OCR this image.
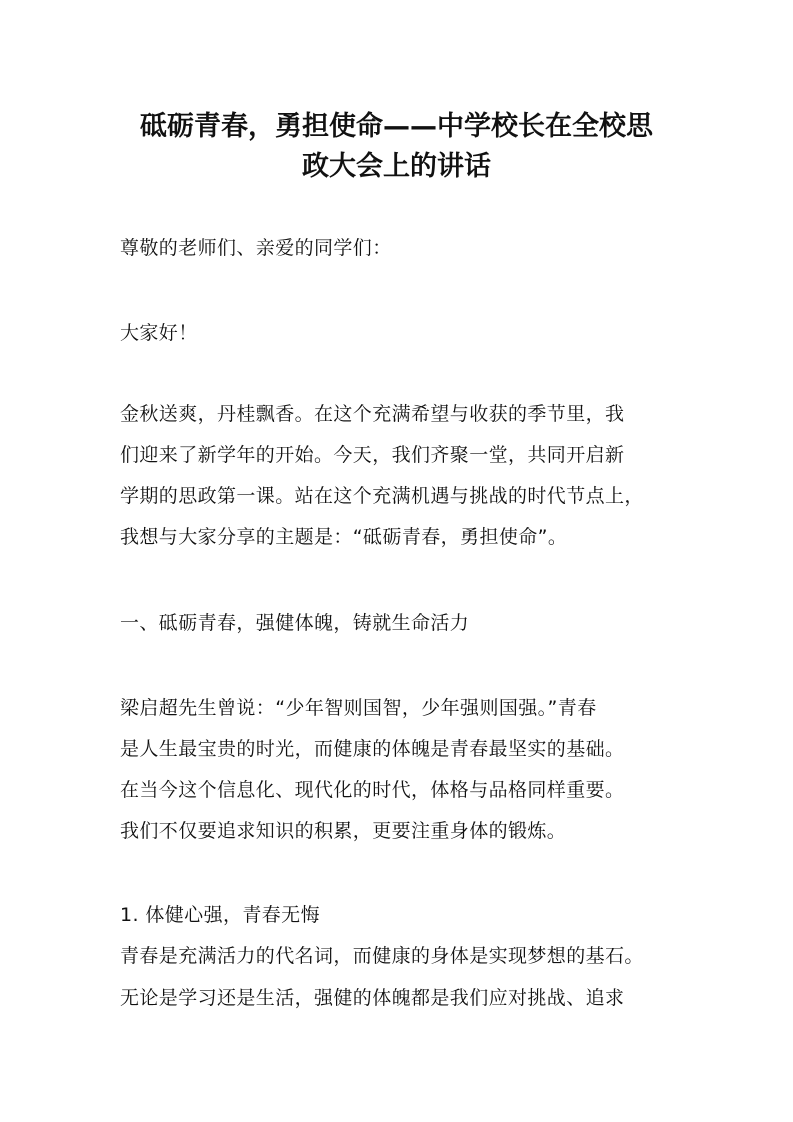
砥砺青春，勇担使命——中学校长在全校思
政大会上的讲话
尊敬的老师们、亲爱的同学们：
大家好！
金秋送爽，丹桂飘香。在这个充满希望与收获的季节里，我
们迎来了新学年的开始。今天，我们齐聚一堂，共同开启新
学期的思政第一课。站在这个充满机遇与挑战的时代节点上，
我想与大家分享的主题是：“砥砺青春，勇担使命”。
一、砥砺青春，强健体魄，铸就生命活力
梁启超先生曾说：“少年智则国智，少年强则国强。”青春
是人生最宝贵的时光，而健康的体魄是青春最坚实的基础。
在当今这个信息化、现代化的时代，体格与品格同样重要。
我们不仅要追求知识的积累，更要注重身体的锻炼。
1. 体健心强，青春无悔
青春是充满活力的代名词，而健康的身体是实现梦想的基石。
无论是学习还是生活，强健的体魄都是我们应对挑战、追求
